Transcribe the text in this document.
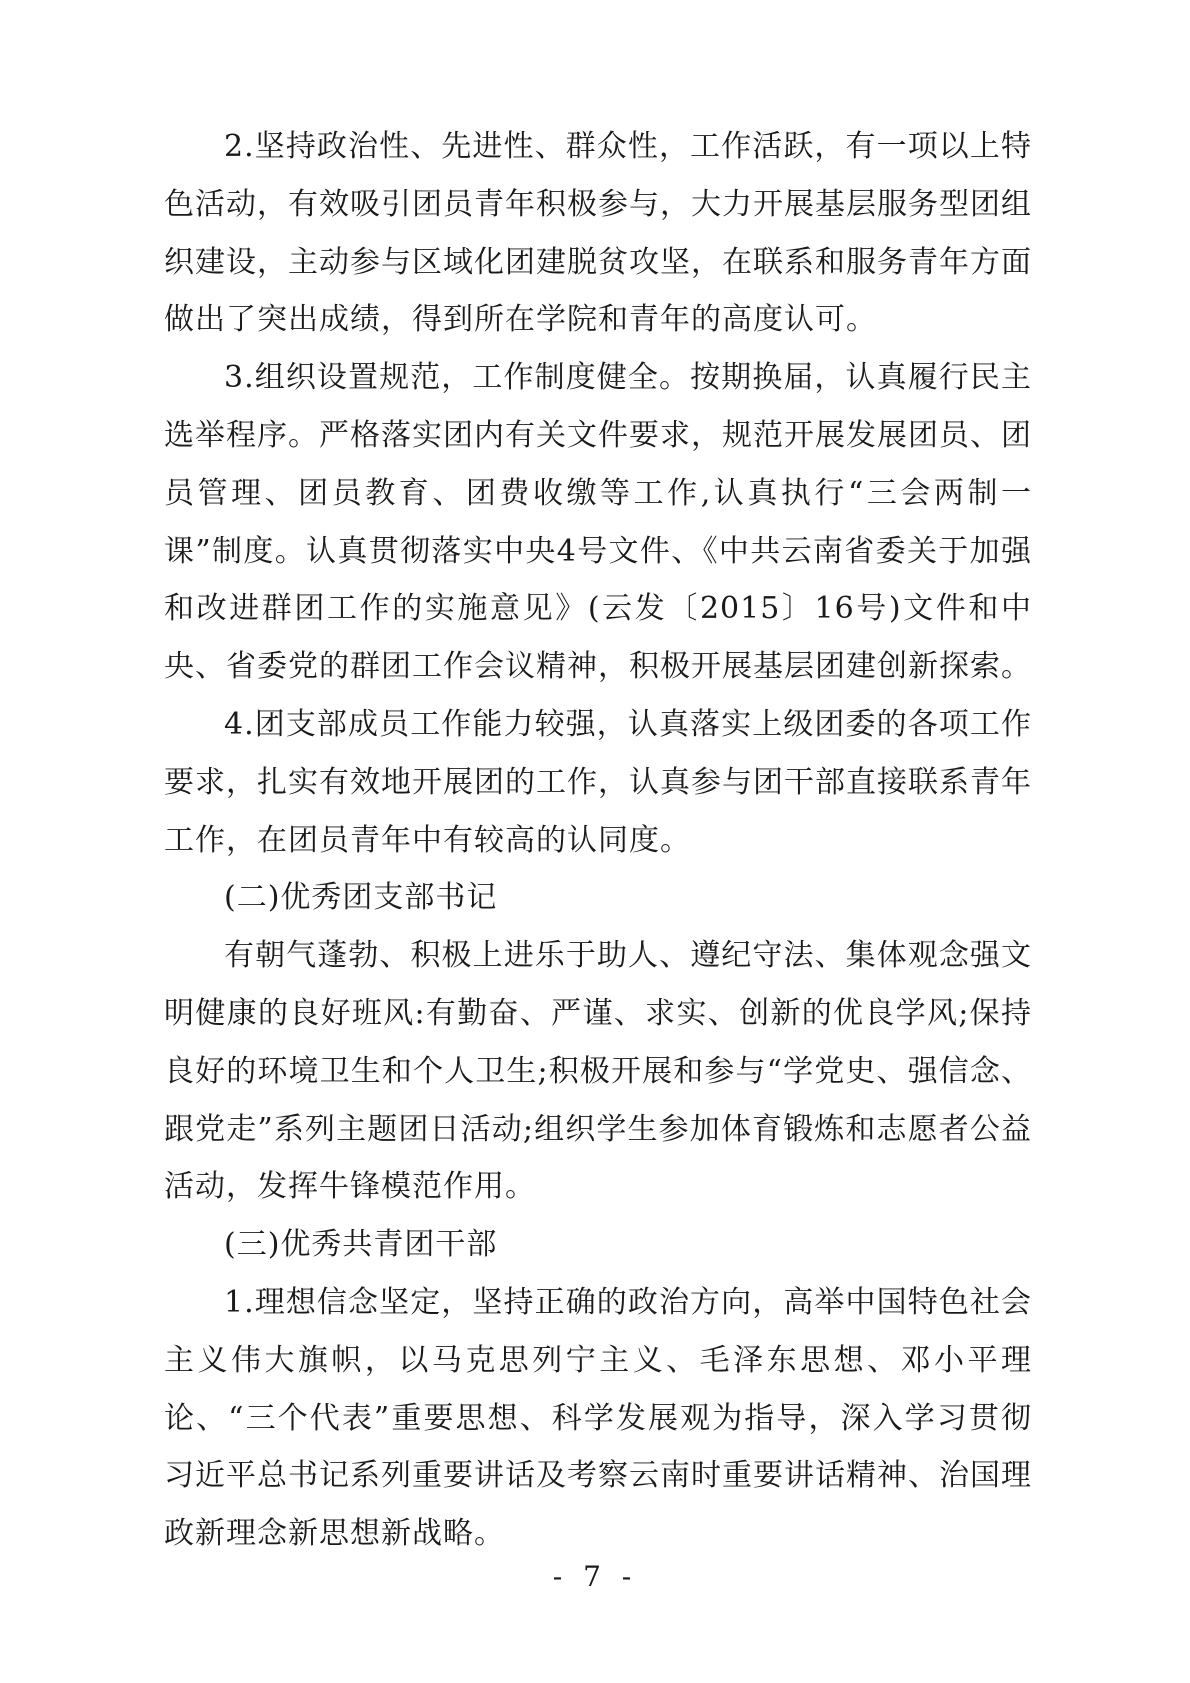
2.坚持政治性、先进性、群众性，工作活跃，有一项以上特色活动，有效吸引团员青年积极参与，大力开展基层服务型团组织建设，主动参与区域化团建脱贫攻坚，在联系和服务青年方面做出了突出成绩，得到所在学院和青年的高度认可。

3.组织设置规范，工作制度健全。按期换届，认真履行民主选举程序。严格落实团内有关文件要求，规范开展发展团员、团员管理、团员教育、团费收缴等工作,认真执行“三会两制一课”制度。认真贯彻落实中央4号文件、《中共云南省委关于加强和改进群团工作的实施意见》(云发〔2015〕16号)文件和中央、省委党的群团工作会议精神，积极开展基层团建创新探索。

4.团支部成员工作能力较强，认真落实上级团委的各项工作要求，扎实有效地开展团的工作，认真参与团干部直接联系青年工作，在团员青年中有较高的认同度。

(二)优秀团支部书记

有朝气蓬勃、积极上进乐于助人、遵纪守法、集体观念强文明健康的良好班风:有勤奋、严谨、求实、创新的优良学风;保持良好的环境卫生和个人卫生;积极开展和参与“学党史、强信念、跟党走”系列主题团日活动;组织学生参加体育锻炼和志愿者公益活动，发挥牛锋模范作用。

(三)优秀共青团干部

1.理想信念坚定，坚持正确的政治方向，高举中国特色社会主义伟大旗帜，以马克思列宁主义、毛泽东思想、邓小平理论、“三个代表”重要思想、科学发展观为指导，深入学习贯彻习近平总书记系列重要讲话及考察云南时重要讲话精神、治国理政新理念新思想新战略。

- 7 -
